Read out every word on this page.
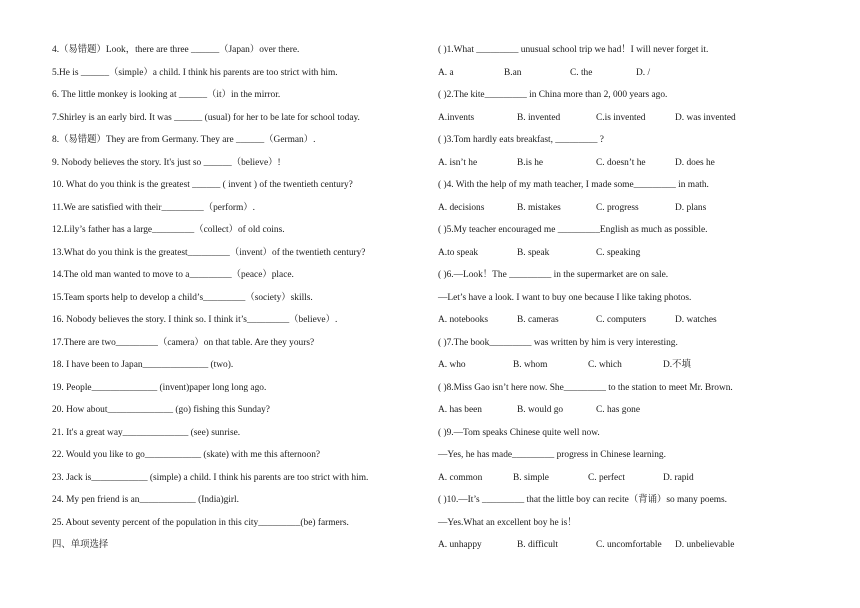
4.（易错题）Look，there are three ______（Japan）over there.
5.He is ______（simple）a child. I think his parents are too strict with him.
6. The little monkey is looking at ______（it）in the mirror.
7.Shirley is an early bird. It was ______ (usual) for her to be late for school today.
8.（易错题）They are from Germany. They are ______（German）.
9. Nobody believes the story. It's just so ______（believe）!
10. What do you think is the greatest ______ ( invent ) of the twentieth century?
11.We are satisfied with their_________（perform）.
12.Lily’s father has a large_________（collect）of old coins.
13.What do you think is the greatest_________（invent）of the twentieth century?
14.The old man wanted to move to a_________（peace）place.
15.Team sports help to develop a child’s_________（society）skills.
16. Nobody believes the story. I think so. I think it’s_________（believe）.
17.There are two_________（camera）on that table. Are they yours?
18. I have been to Japan______________ (two).
19. People______________ (invent)paper long long ago.
20. How about______________ (go) fishing this Sunday?
21. It's a great way______________ (see) sunrise.
22. Would you like to go____________ (skate) with me this afternoon?
23. Jack is____________ (simple) a child. I think his parents are too strict with him.
24. My pen friend is an____________ (India)girl.
25. About seventy percent of the population in this city_________(be) farmers.
四、单项选择
( )1.What _________ unusual school trip we had！I will never forget it.
A. a	B.an	C. the	D. /
( )2.The kite_________ in China more than 2, 000 years ago.
A.invents	B. invented	C.is invented	D. was invented
( )3.Tom hardly eats breakfast, _________ ?
A. isn’t he	B.is he	C. doesn’t he	D. does he
( )4. With the help of my math teacher, I made some_________ in math.
A. decisions	B. mistakes	C. progress	D. plans
( )5.My teacher encouraged me _________English as much as possible.
A.to speak	B. speak	C. speaking
( )6.—Look！The _________ in the supermarket are on sale.
—Let’s have a look. I want to buy one because I like taking photos.
A. notebooks	B. cameras	C. computers	D. watches
( )7.The book_________ was written by him is very interesting.
A. who	B. whom	C. which	D.不填
( )8.Miss Gao isn’t here now. She_________ to the station to meet Mr. Brown.
A. has been	B. would go	C. has gone
( )9.—Tom speaks Chinese quite well now.
—Yes, he has made_________ progress in Chinese learning.
A. common	B. simple	C. perfect	D. rapid
( )10.—It’s _________ that the little boy can recite（背诵）so many poems.
—Yes.What an excellent boy he is！
A. unhappy	B. difficult	C. uncomfortable	D. unbelievable
